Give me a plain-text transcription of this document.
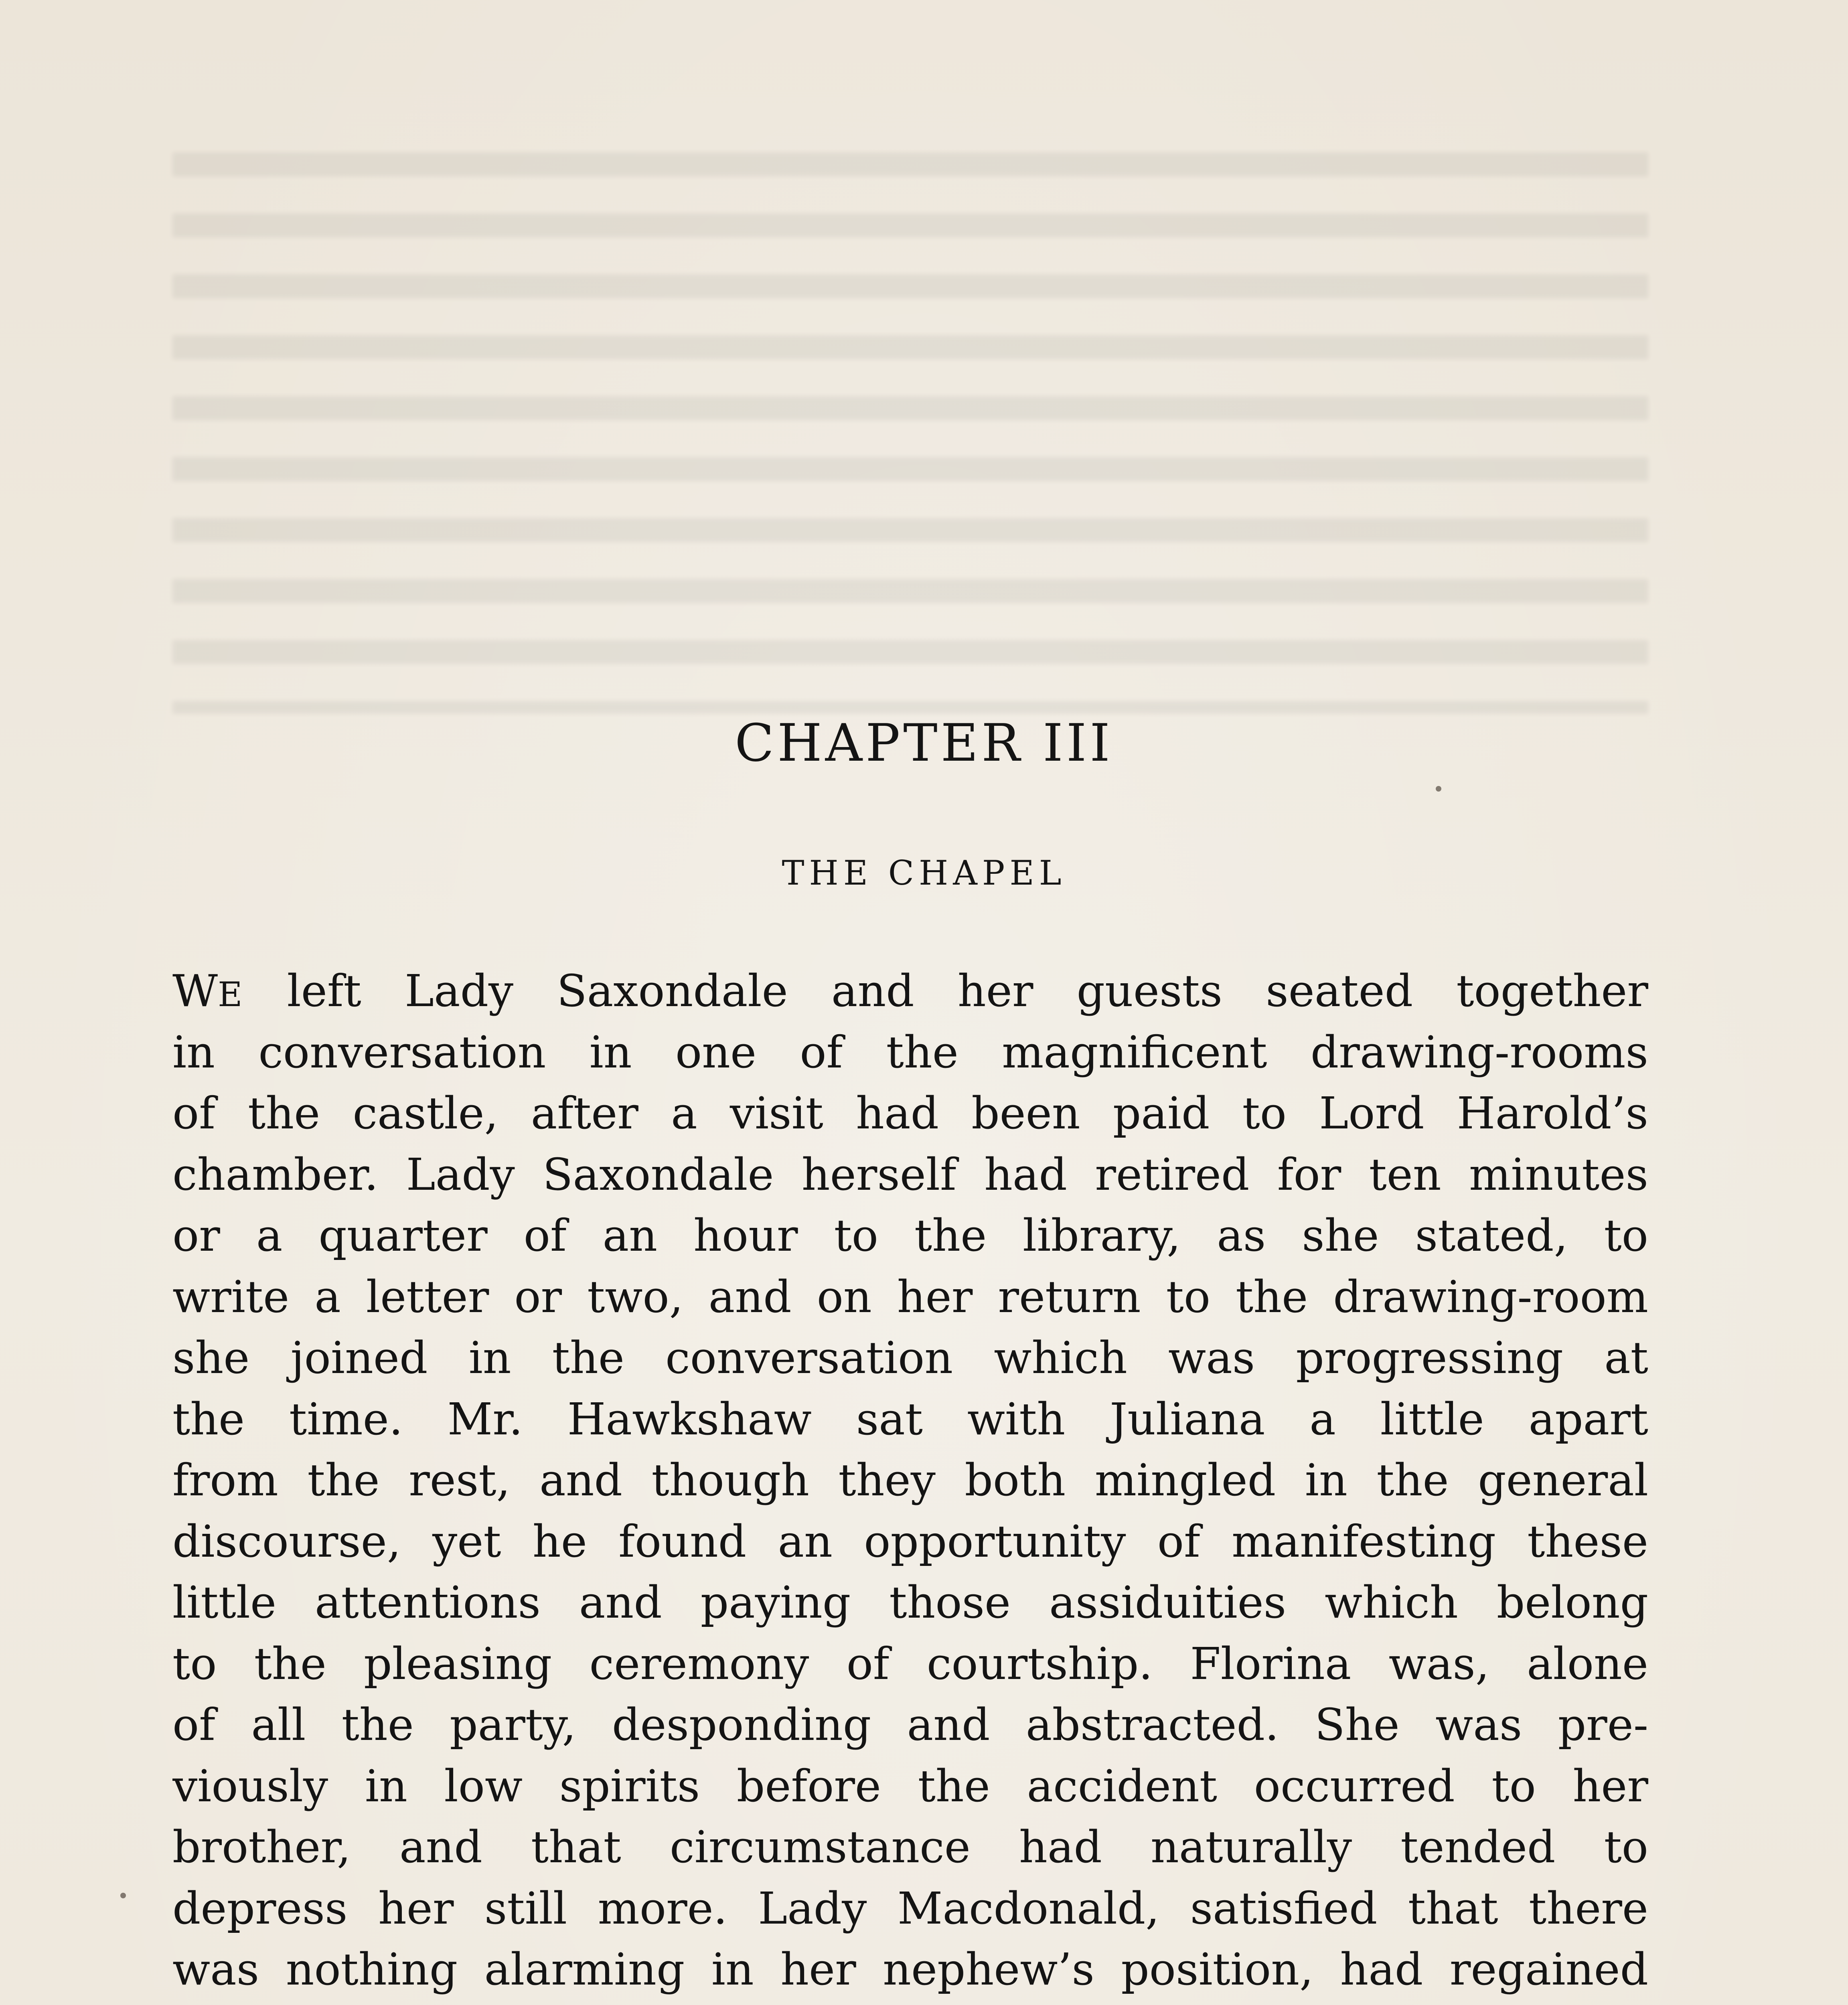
CHAPTER III
THE CHAPEL
WE left Lady Saxondale and her guests seated together
in conversation in one of the magnificent drawing-rooms
of the castle, after a visit had been paid to Lord Harold’s
chamber. Lady Saxondale herself had retired for ten minutes
or a quarter of an hour to the library, as she stated, to
write a letter or two, and on her return to the drawing-room
she joined in the conversation which was progressing at
the time. Mr. Hawkshaw sat with Juliana a little apart
from the rest, and though they both mingled in the general
discourse, yet he found an opportunity of manifesting these
little attentions and paying those assiduities which belong
to the pleasing ceremony of courtship. Florina was, alone
of all the party, desponding and abstracted. She was pre-
viously in low spirits before the accident occurred to her
brother, and that circumstance had naturally tended to
depress her still more. Lady Macdonald, satisfied that there
was nothing alarming in her nephew’s position, had regained
